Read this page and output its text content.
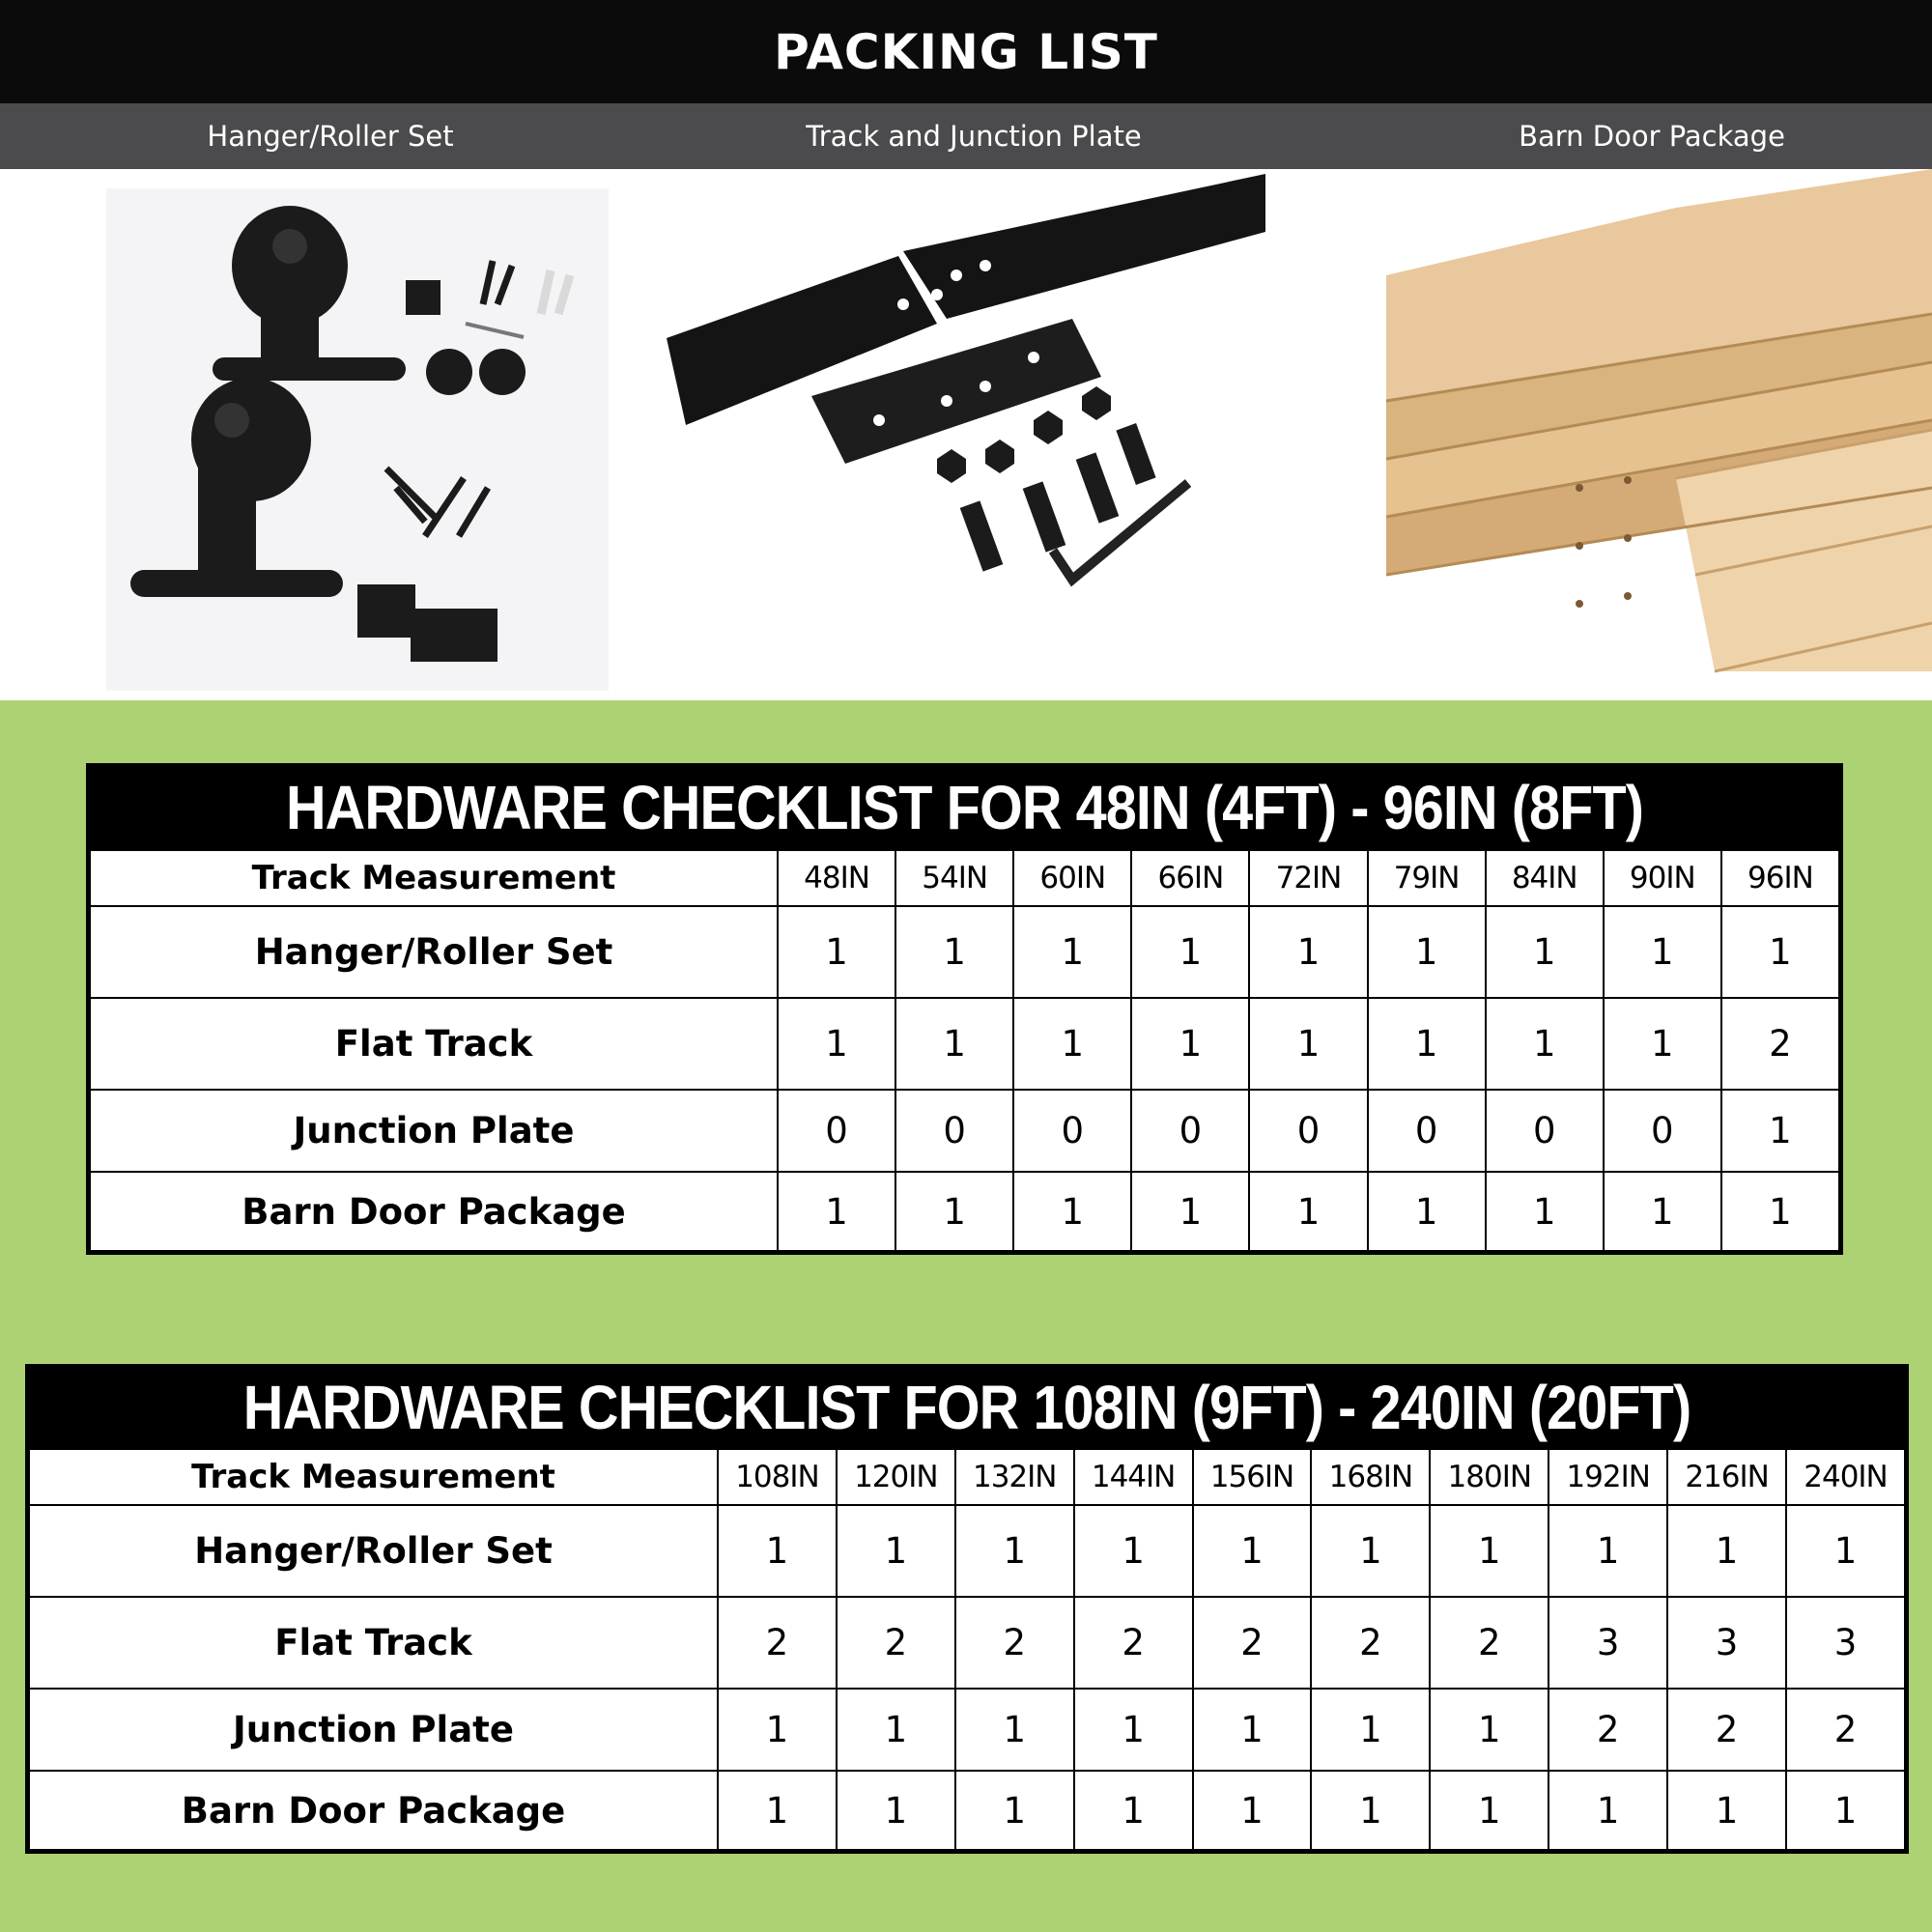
PACKING LIST
Hanger/Roller Set	Track and Junction Plate	Barn Door Package
HARDWARE CHECKLIST FOR 48IN (4FT) - 96IN (8FT)
Track Measurement	48IN	54IN	60IN	66IN	72IN	79IN	84IN	90IN	96IN
Hanger/Roller Set	1	1	1	1	1	1	1	1	1
Flat Track	1	1	1	1	1	1	1	1	2
Junction Plate	0	0	0	0	0	0	0	0	1
Barn Door Package	1	1	1	1	1	1	1	1	1
HARDWARE CHECKLIST FOR 108IN (9FT) - 240IN (20FT)
Track Measurement	108IN	120IN	132IN	144IN	156IN	168IN	180IN	192IN	216IN	240IN
Hanger/Roller Set	1	1	1	1	1	1	1	1	1	1
Flat Track	2	2	2	2	2	2	2	3	3	3
Junction Plate	1	1	1	1	1	1	1	2	2	2
Barn Door Package	1	1	1	1	1	1	1	1	1	1
